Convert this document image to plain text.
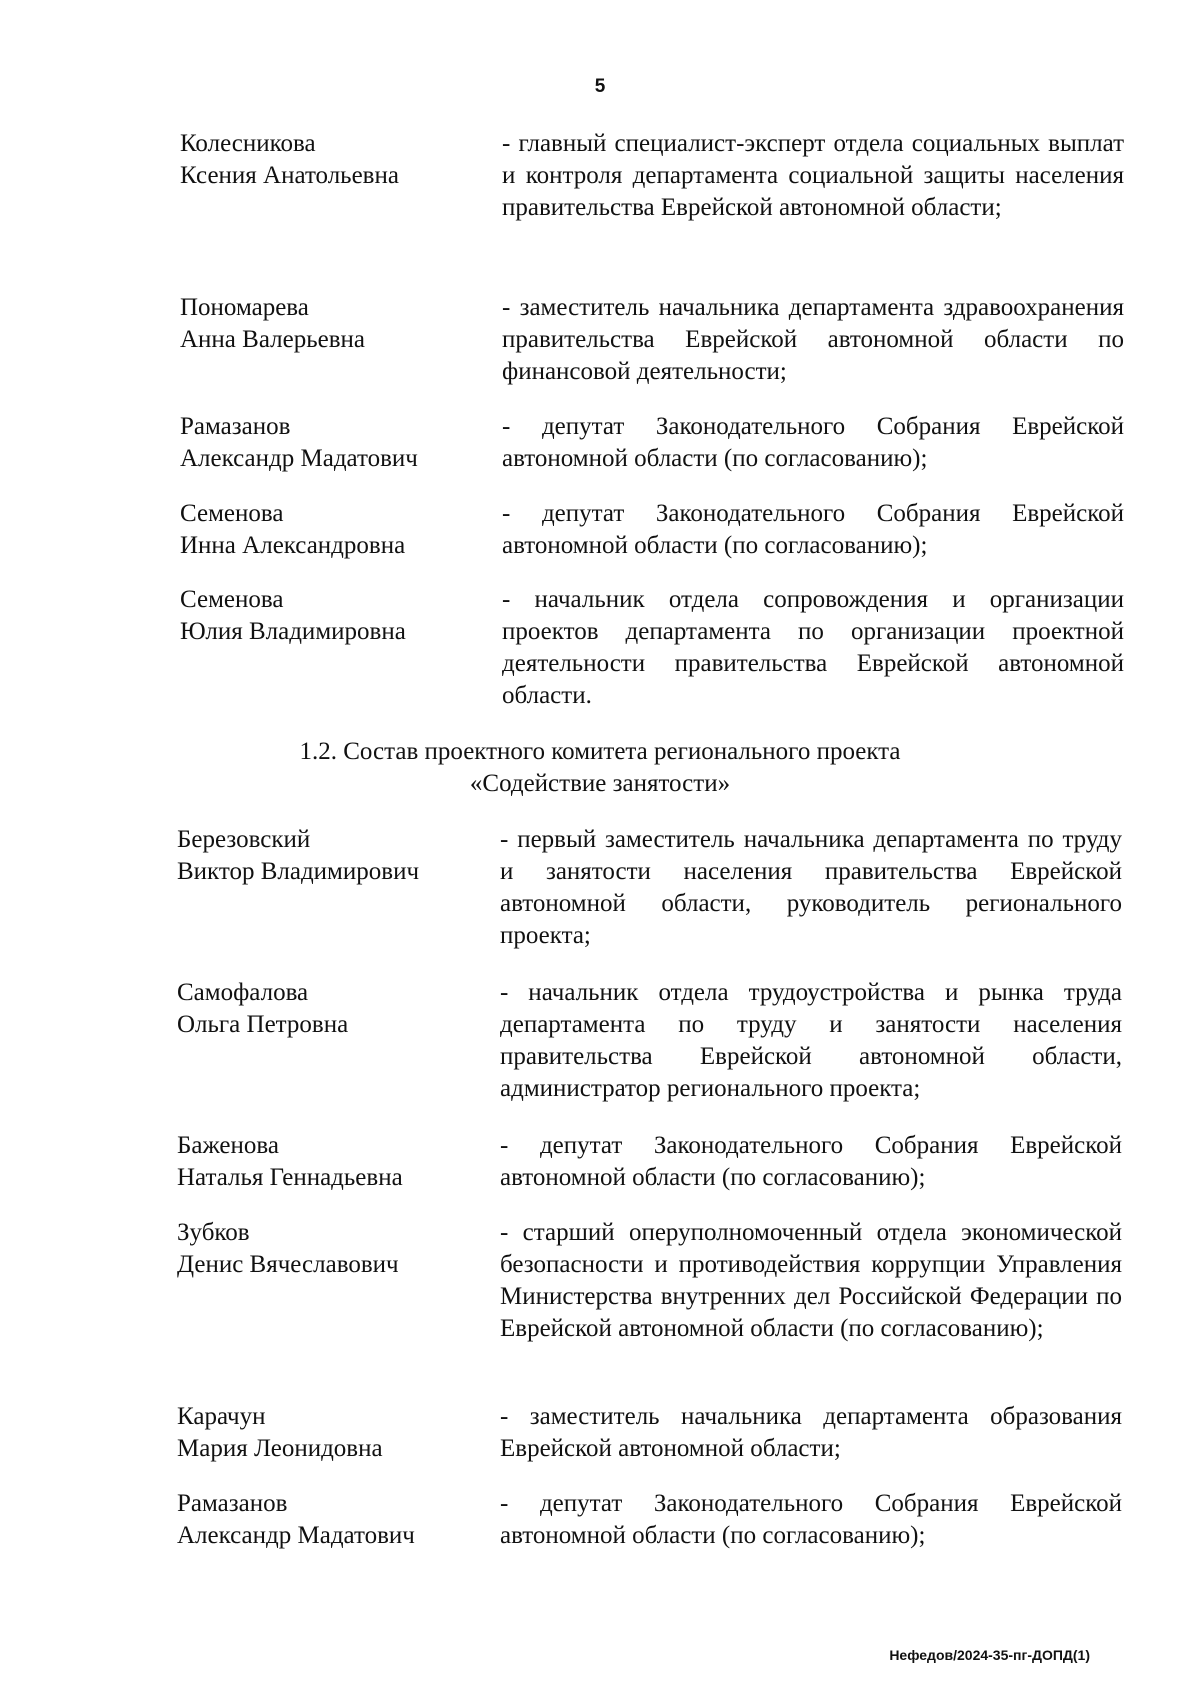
5
Колесникова
Ксения Анатольевна
- главный специалист-эксперт отдела социальных выплат и контроля департамента социальной защиты населения правительства Еврейской автономной области;
Пономарева
Анна Валерьевна
- заместитель начальника департамента здравоохранения правительства Еврейской автономной области по финансовой деятельности;
Рамазанов
Александр Мадатович
- депутат Законодательного Собрания Еврейской автономной области (по согласованию);
Семенова
Инна Александровна
- депутат Законодательного Собрания Еврейской автономной области (по согласованию);
Семенова
Юлия Владимировна
- начальник отдела сопровождения и организации проектов департамента по организации проектной деятельности правительства Еврейской автономной области.
1.2. Состав проектного комитета регионального проекта
«Содействие занятости»
Березовский
Виктор Владимирович
- первый заместитель начальника департамента по труду и занятости населения правительства Еврейской автономной области, руководитель регионального проекта;
Самофалова
Ольга Петровна
- начальник отдела трудоустройства и рынка труда департамента по труду и занятости населения правительства Еврейской автономной области, администратор регионального проекта;
Баженова
Наталья Геннадьевна
- депутат Законодательного Собрания Еврейской автономной области (по согласованию);
Зубков
Денис Вячеславович
- старший оперуполномоченный отдела экономической безопасности и противодействия коррупции Управления Министерства внутренних дел Российской Федерации по Еврейской автономной области (по согласованию);
Карачун
Мария Леонидовна
- заместитель начальника департамента образования Еврейской автономной области;
Рамазанов
Александр Мадатович
- депутат Законодательного Собрания Еврейской автономной области (по согласованию);
Нефедов/2024-35-пг-ДОПД(1)
